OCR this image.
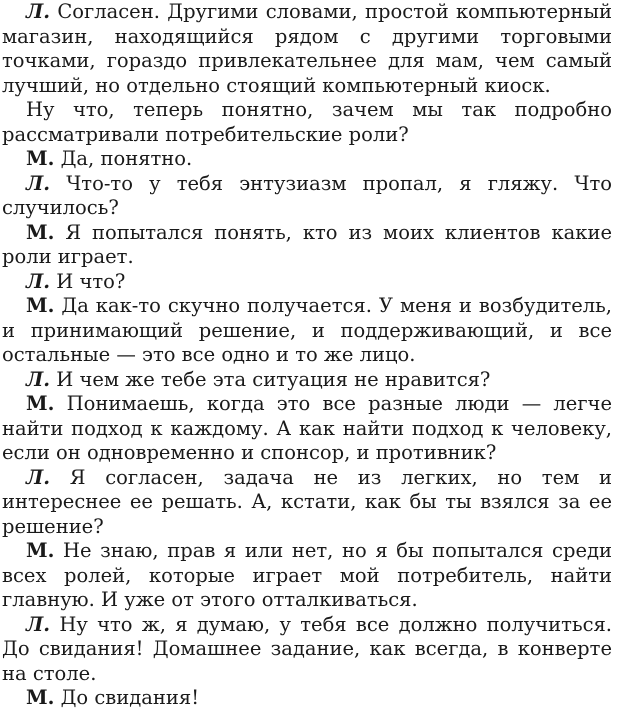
Л. Согласен. Другими словами, простой компьютерный магазин, находящийся рядом с другими торговыми точками, гораздо привлекательнее для мам, чем самый лучший, но отдельно стоящий компьютерный киоск.

Ну что, теперь понятно, зачем мы так подробно рассматривали потребительские роли?

М. Да, понятно.

Л. Что-то у тебя энтузиазм пропал, я гляжу. Что случилось?

М. Я попытался понять, кто из моих клиентов какие роли играет.

Л. И что?

М. Да как-то скучно получается. У меня и возбудитель, и принимающий решение, и поддерживающий, и все остальные — это все одно и то же лицо.

Л. И чем же тебе эта ситуация не нравится?

М. Понимаешь, когда это все разные люди — легче найти подход к каждому. А как найти подход к человеку, если он одновременно и спонсор, и противник?

Л. Я согласен, задача не из легких, но тем и интереснее ее решать. А, кстати, как бы ты взялся за ее решение?

М. Не знаю, прав я или нет, но я бы попытался среди всех ролей, которые играет мой потребитель, найти главную. И уже от этого отталкиваться.

Л. Ну что ж, я думаю, у тебя все должно получиться. До свидания! Домашнее задание, как всегда, в конверте на столе.

М. До свидания!
